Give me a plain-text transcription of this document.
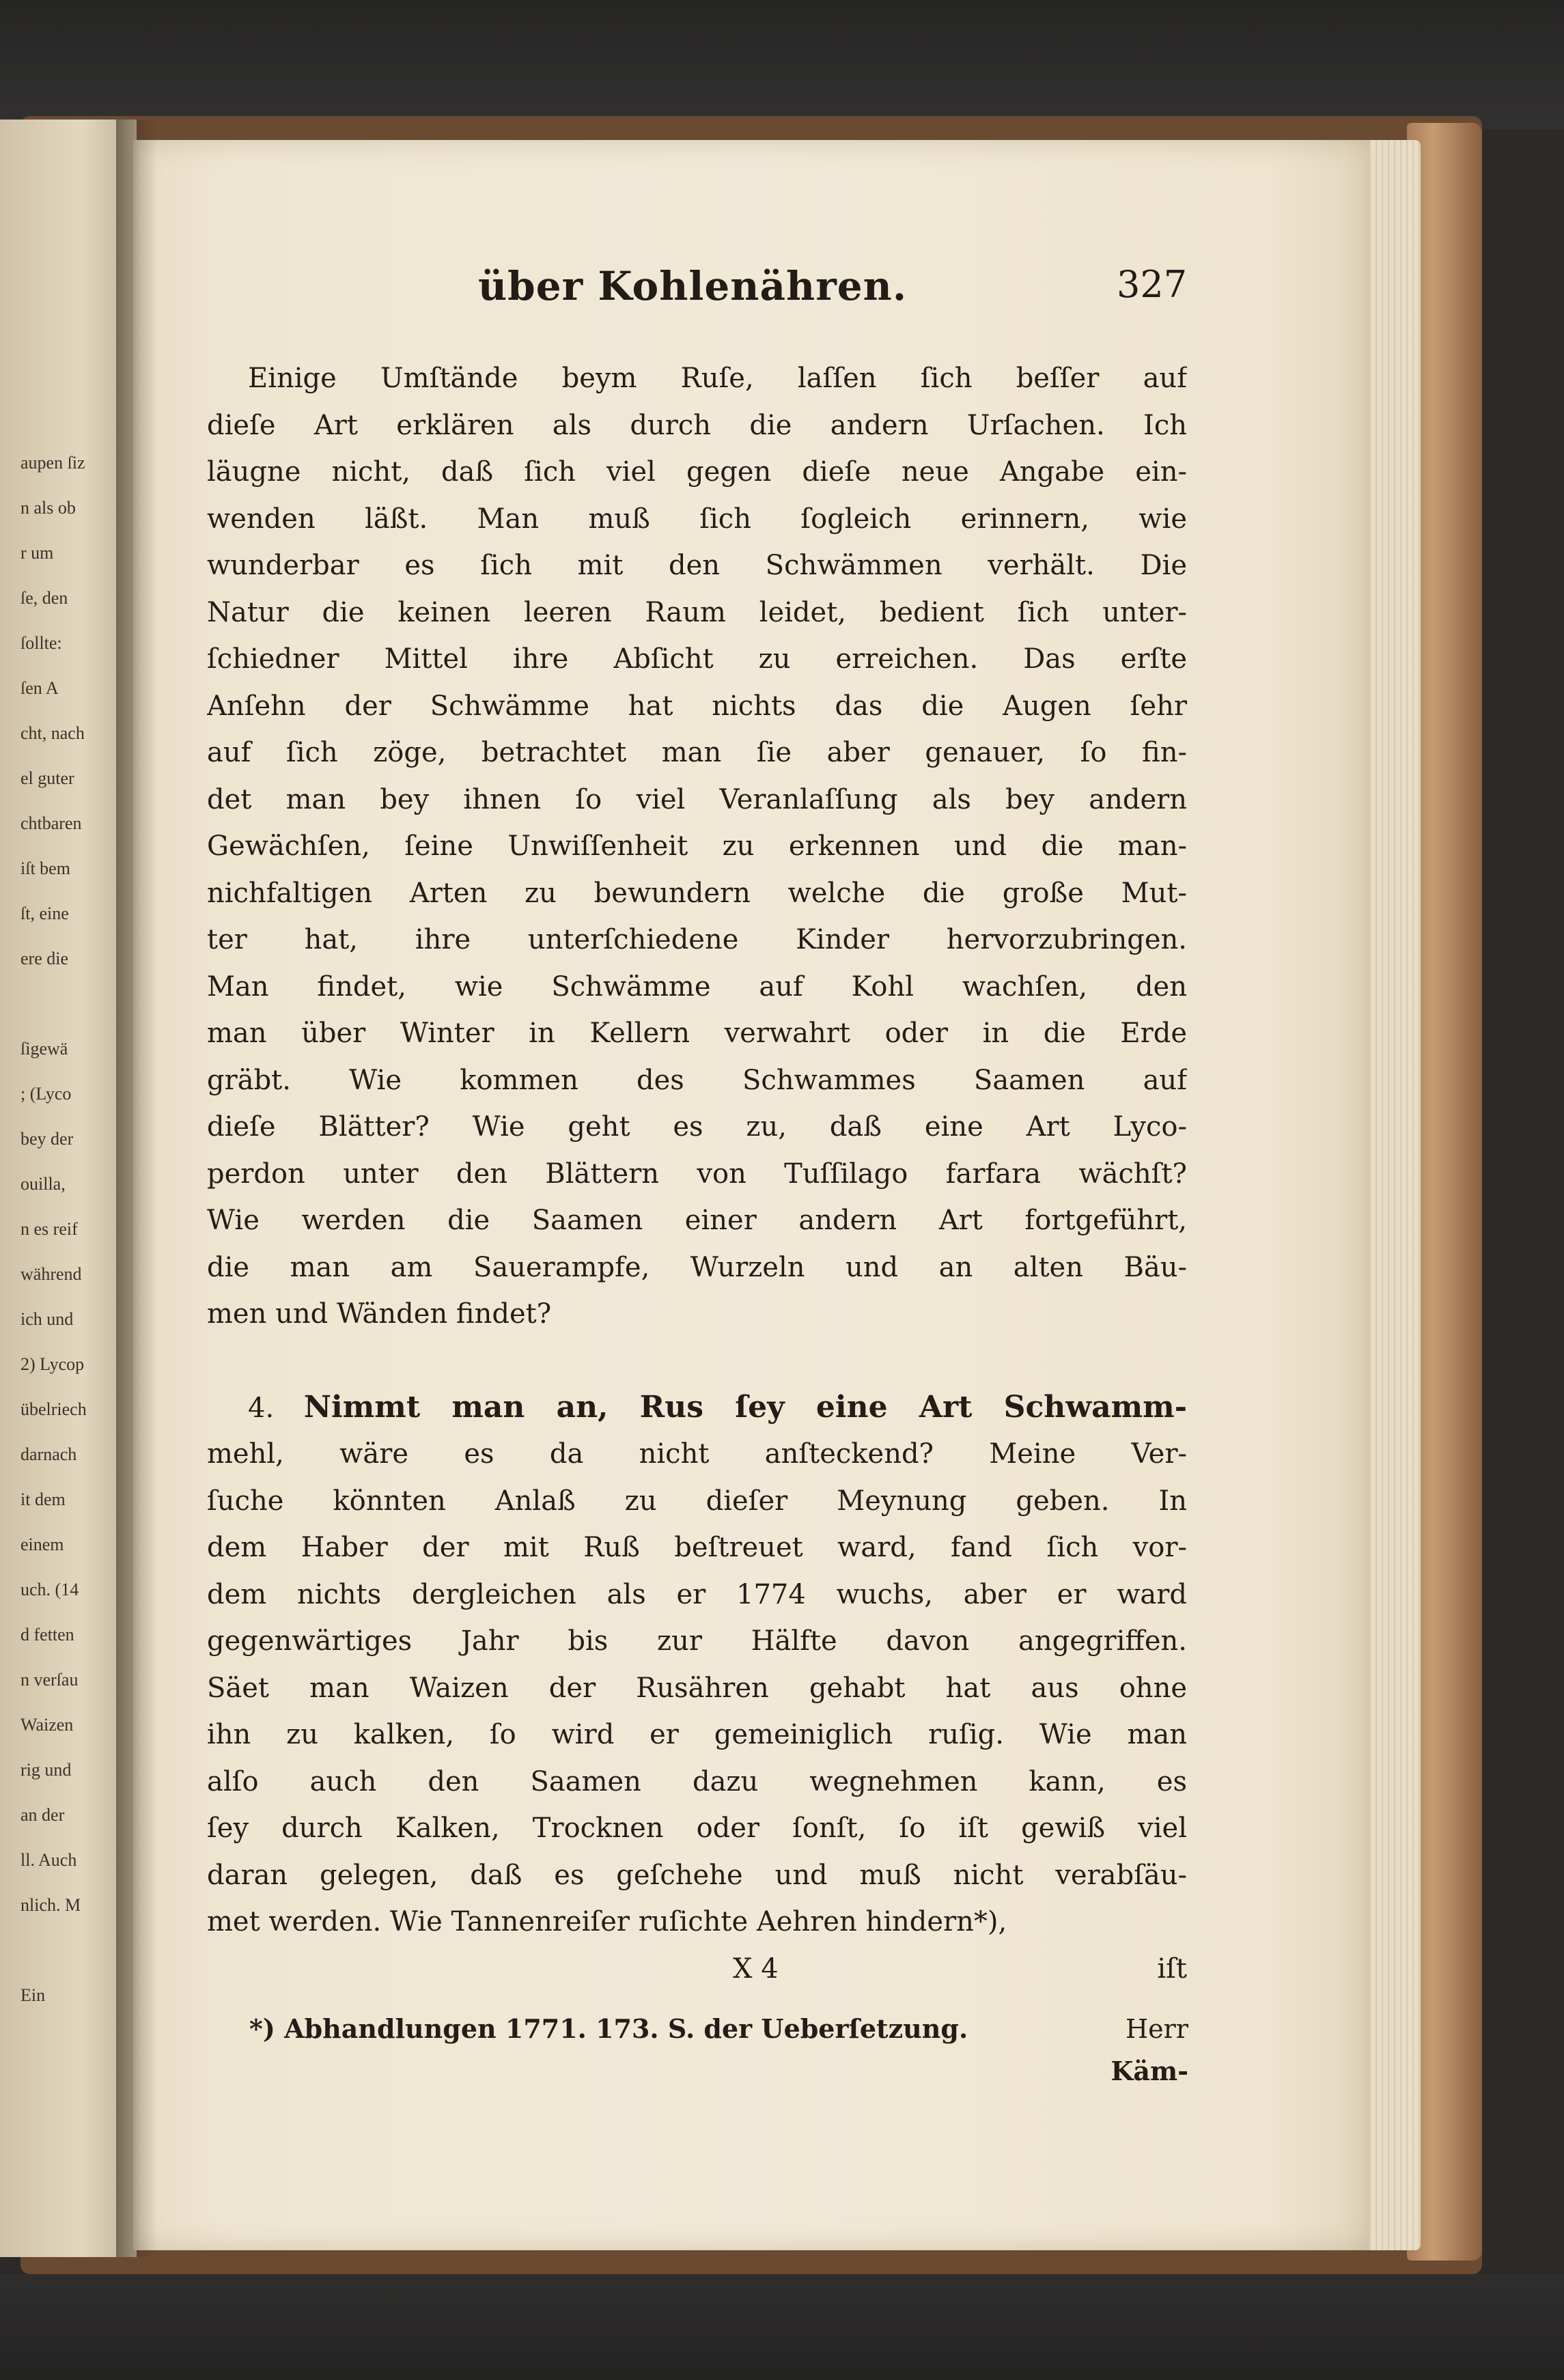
aupen ſiz
n als ob
r um
ſe, den
ſollte:
ſen A
cht, nach
el guter
chtbaren
iſt bem
ſt, eine
ere die
ſigewä
; (Lyco
bey der
ouilla,
n es reif
während
ich und
2) Lycop
übelriech
darnach
it dem
einem
uch. (14
d fetten
n verſau
Waizen
rig und
an der
ll. Auch
nlich. M
Ein
über Kohlenähren.	327
Einige Umſtände beym Ruſe, laſſen ſich beſſer auf
dieſe Art erklären als durch die andern Urſachen. Ich
läugne nicht, daß ſich viel gegen dieſe neue Angabe ein-
wenden läßt. Man muß ſich ſogleich erinnern, wie
wunderbar es ſich mit den Schwämmen verhält. Die
Natur die keinen leeren Raum leidet, bedient ſich unter-
ſchiedner Mittel ihre Abſicht zu erreichen. Das erſte
Anſehn der Schwämme hat nichts das die Augen ſehr
auf ſich zöge, betrachtet man ſie aber genauer, ſo fin-
det man bey ihnen ſo viel Veranlaſſung als bey andern
Gewächſen, ſeine Unwiſſenheit zu erkennen und die man-
nichfaltigen Arten zu bewundern welche die große Mut-
ter hat, ihre unterſchiedene Kinder hervorzubringen.
Man findet, wie Schwämme auf Kohl wachſen, den
man über Winter in Kellern verwahrt oder in die Erde
gräbt. Wie kommen des Schwammes Saamen auf
dieſe Blätter? Wie geht es zu, daß eine Art Lyco-
perdon unter den Blättern von Tuſſilago farfara wächſt?
Wie werden die Saamen einer andern Art fortgeführt,
die man am Sauerampfe, Wurzeln und an alten Bäu-
men und Wänden findet?
4. Nimmt man an, Rus ſey eine Art Schwamm-
mehl, wäre es da nicht anſteckend? Meine Ver-
ſuche könnten Anlaß zu dieſer Meynung geben. In
dem Haber der mit Ruß beſtreuet ward, fand ſich vor-
dem nichts dergleichen als er 1774 wuchs, aber er ward
gegenwärtiges Jahr bis zur Hälfte davon angegriffen.
Säet man Waizen der Rusähren gehabt hat aus ohne
ihn zu kalken, ſo wird er gemeiniglich ruſig. Wie man
alſo auch den Saamen dazu wegnehmen kann, es
ſey durch Kalken, Trocknen oder ſonſt, ſo iſt gewiß viel
daran gelegen, daß es geſchehe und muß nicht verabſäu-
met werden. Wie Tannenreiſer ruſichte Aehren hindern*),
X 4	iſt
*) Abhandlungen 1771. 173. S. der Ueberſetzung.	Herr
Käm-
